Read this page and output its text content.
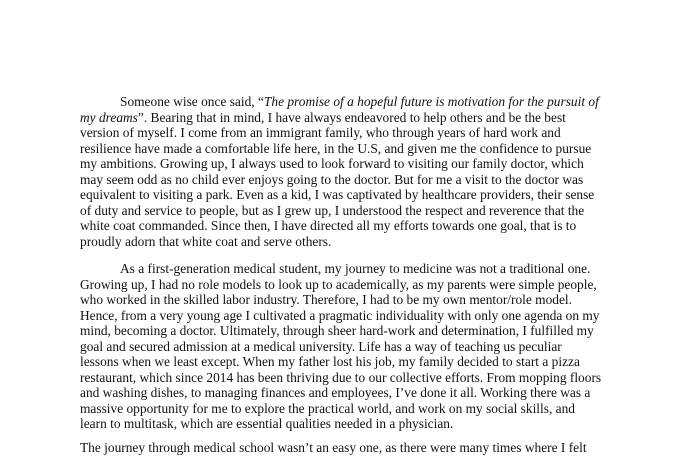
Someone wise once said, “The promise of a hopeful future is motivation for the pursuit of
my dreams”. Bearing that in mind, I have always endeavored to help others and be the best
version of myself. I come from an immigrant family, who through years of hard work and
resilience have made a comfortable life here, in the U.S, and given me the confidence to pursue
my ambitions. Growing up, I always used to look forward to visiting our family doctor, which
may seem odd as no child ever enjoys going to the doctor. But for me a visit to the doctor was
equivalent to visiting a park. Even as a kid, I was captivated by healthcare providers, their sense
of duty and service to people, but as I grew up, I understood the respect and reverence that the
white coat commanded. Since then, I have directed all my efforts towards one goal, that is to
proudly adorn that white coat and serve others.
As a first-generation medical student, my journey to medicine was not a traditional one.
Growing up, I had no role models to look up to academically, as my parents were simple people,
who worked in the skilled labor industry. Therefore, I had to be my own mentor/role model.
Hence, from a very young age I cultivated a pragmatic individuality with only one agenda on my
mind, becoming a doctor. Ultimately, through sheer hard-work and determination, I fulfilled my
goal and secured admission at a medical university. Life has a way of teaching us peculiar
lessons when we least except. When my father lost his job, my family decided to start a pizza
restaurant, which since 2014 has been thriving due to our collective efforts. From mopping floors
and washing dishes, to managing finances and employees, I’ve done it all. Working there was a
massive opportunity for me to explore the practical world, and work on my social skills, and
learn to multitask, which are essential qualities needed in a physician.
The journey through medical school wasn’t an easy one, as there were many times where I felt
